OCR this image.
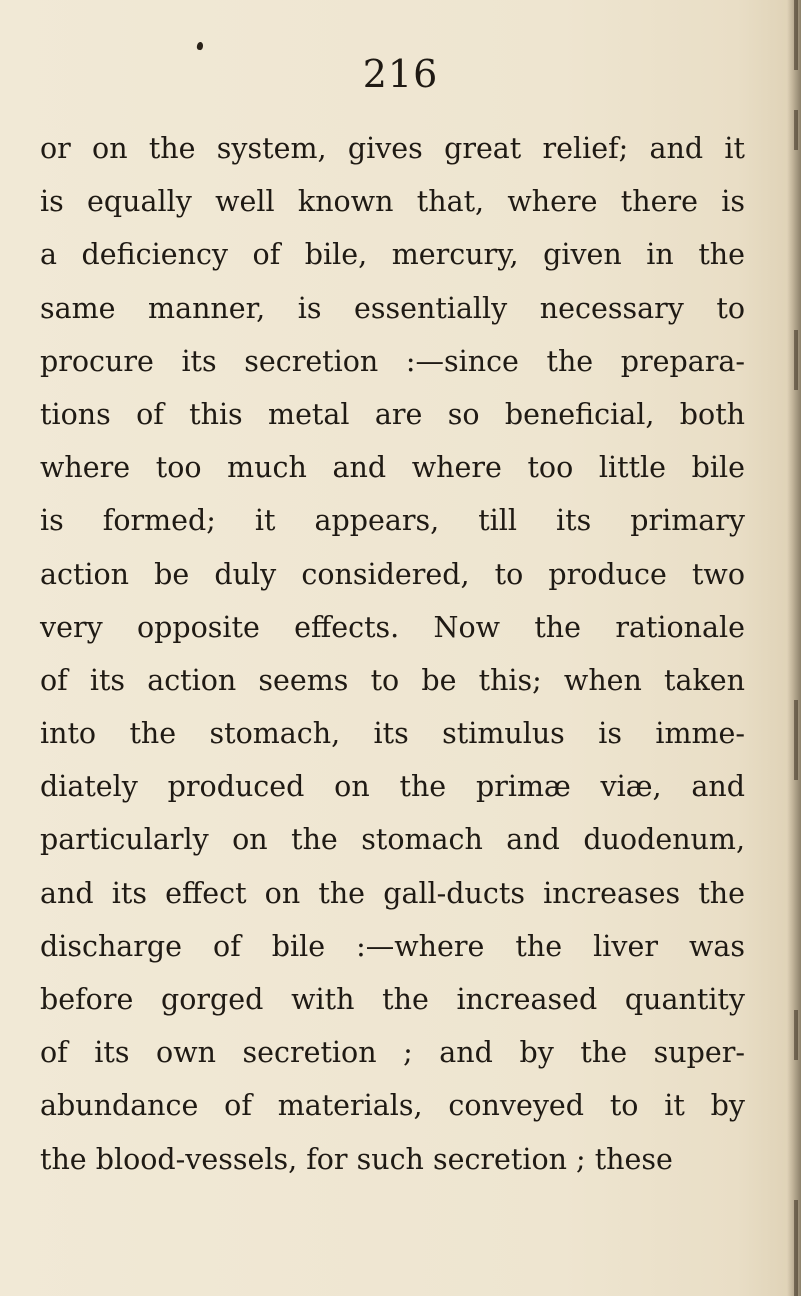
216
or on the system, gives great relief; and it
is equally well known that, where there is
a deficiency of bile, mercury, given in the
same manner, is essentially necessary to
procure its secretion :—since the prepara-
tions of this metal are so beneficial, both
where too much and where too little bile
is formed; it appears, till its primary
action be duly considered, to produce two
very opposite effects. Now the rationale
of its action seems to be this; when taken
into the stomach, its stimulus is imme-
diately produced on the primæ viæ, and
particularly on the stomach and duodenum,
and its effect on the gall-ducts increases the
discharge of bile :—where the liver was
before gorged with the increased quantity
of its own secretion ; and by the super-
abundance of materials, conveyed to it by
the blood-vessels, for such secretion ; these
